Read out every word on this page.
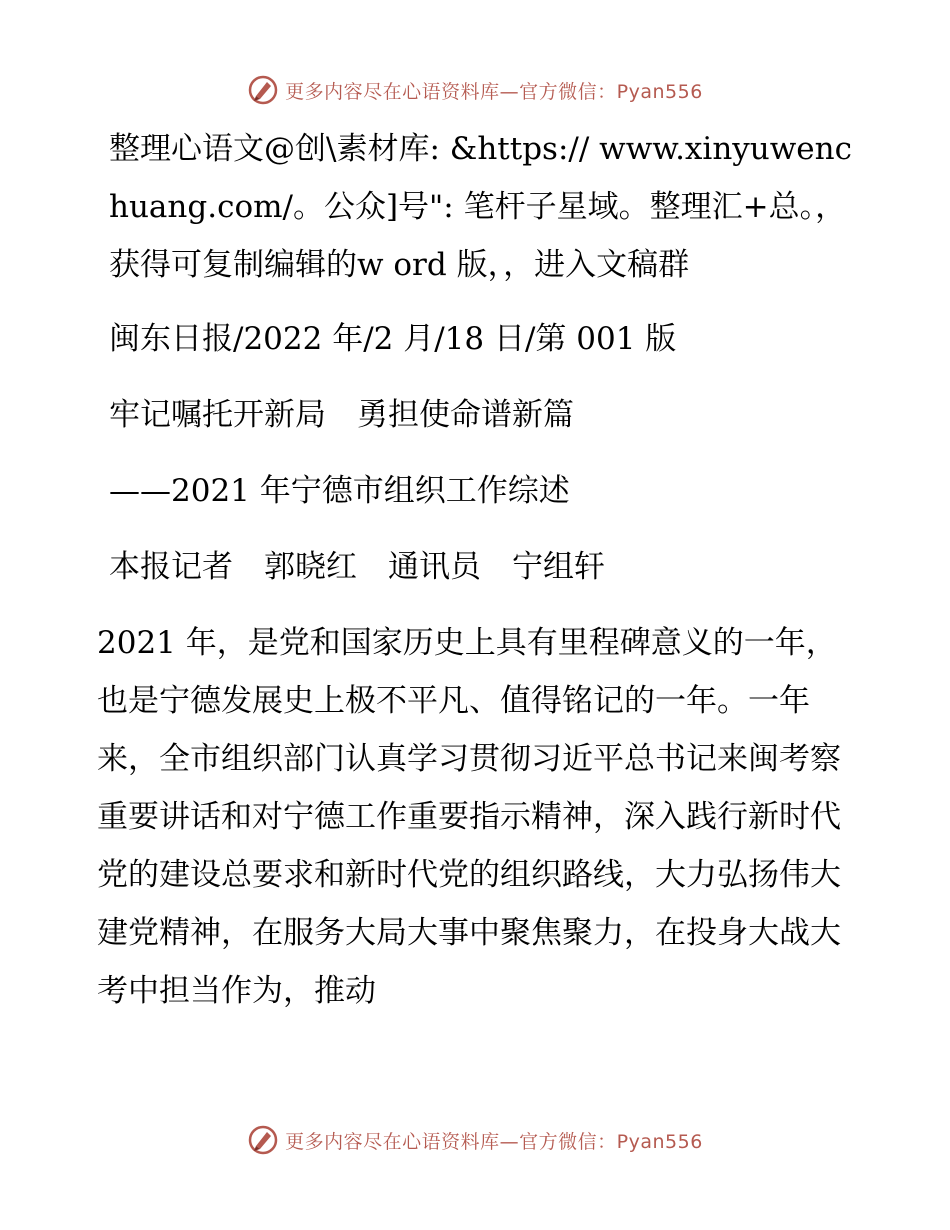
更多内容尽在心语资料库—官方微信：Pyan556

整理心语文@创\素材库: &https:// www.xinyuwenchuang.com/。公众]号": 笔杆子星域。整理汇+总。，获得可复制编辑的w ord 版，，进入文稿群

闽东日报/2022 年/2 月/18 日/第 001 版

牢记嘱托开新局　勇担使命谱新篇

——2021 年宁德市组织工作综述

本报记者　郭晓红　通讯员　宁组轩

2021 年，是党和国家历史上具有里程碑意义的一年，也是宁德发展史上极不平凡、值得铭记的一年。一年来，全市组织部门认真学习贯彻习近平总书记来闽考察重要讲话和对宁德工作重要指示精神，深入践行新时代党的建设总要求和新时代党的组织路线，大力弘扬伟大建党精神，在服务大局大事中聚焦聚力，在投身大战大考中担当作为，推动

更多内容尽在心语资料库—官方微信：Pyan556
